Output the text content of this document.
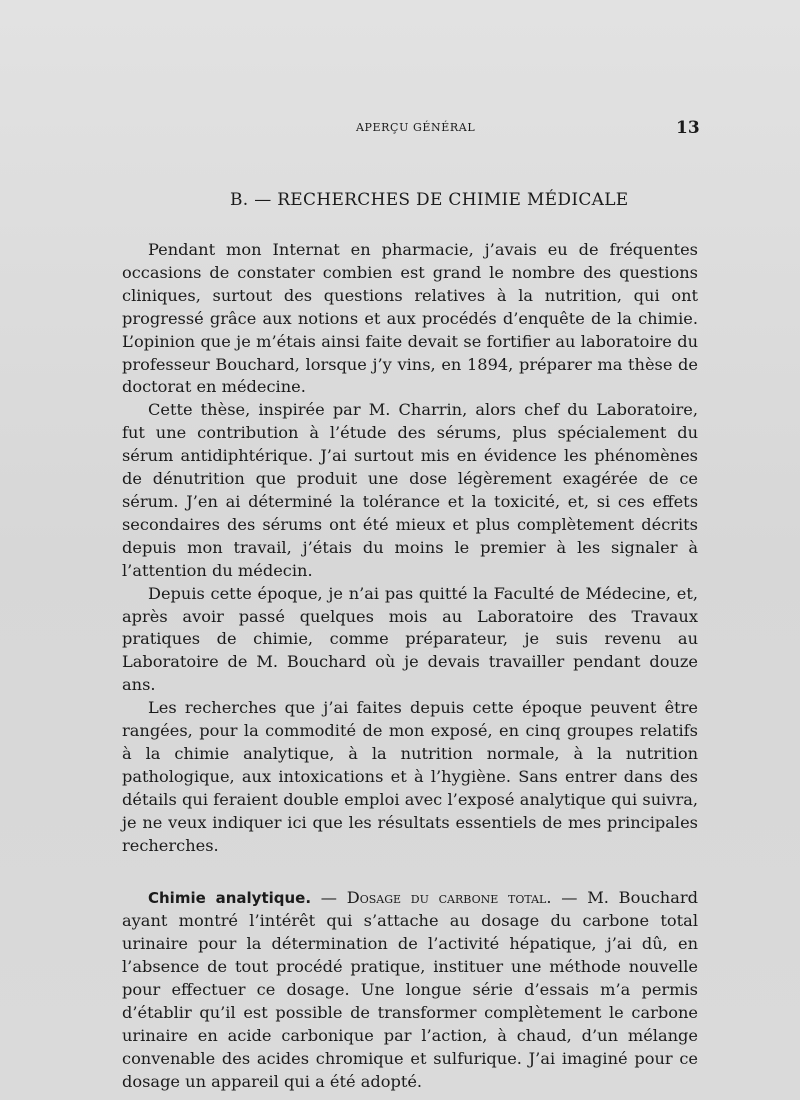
APERÇU GÉNÉRAL	13
B. — RECHERCHES DE CHIMIE MÉDICALE

Pendant mon Internat en pharmacie, j’avais eu de fréquentes occasions de constater combien est grand le nombre des questions cliniques, surtout des questions relatives à la nutrition, qui ont progressé grâce aux notions et aux procédés d’enquête de la chimie. L’opinion que je m’étais ainsi faite devait se fortifier au laboratoire du professeur Bouchard, lorsque j’y vins, en 1894, préparer ma thèse de doctorat en médecine.

Cette thèse, inspirée par M. Charrin, alors chef du Laboratoire, fut une contribution à l’étude des sérums, plus spécialement du sérum antidiphtérique. J’ai surtout mis en évidence les phénomènes de dénutrition que produit une dose légèrement exagérée de ce sérum. J’en ai déterminé la tolérance et la toxicité, et, si ces effets secondaires des sérums ont été mieux et plus complètement décrits depuis mon travail, j’étais du moins le premier à les signaler à l’attention du médecin.

Depuis cette époque, je n’ai pas quitté la Faculté de Médecine, et, après avoir passé quelques mois au Laboratoire des Travaux pratiques de chimie, comme préparateur, je suis revenu au Laboratoire de M. Bouchard où je devais travailler pendant douze ans.

Les recherches que j’ai faites depuis cette époque peuvent être rangées, pour la commodité de mon exposé, en cinq groupes relatifs à la chimie analytique, à la nutrition normale, à la nutrition pathologique, aux intoxications et à l’hygiène. Sans entrer dans des détails qui feraient double emploi avec l’exposé analytique qui suivra, je ne veux indiquer ici que les résultats essentiels de mes principales recherches.

Chimie analytique. — Dosage du carbone total. — M. Bouchard ayant montré l’intérêt qui s’attache au dosage du carbone total urinaire pour la détermination de l’activité hépatique, j’ai dû, en l’absence de tout procédé pratique, instituer une méthode nouvelle pour effectuer ce dosage. Une longue série d’essais m’a permis d’établir qu’il est possible de transformer complètement le carbone urinaire en acide carbonique par l’action, à chaud, d’un mélange convenable des acides chromique et sulfurique. J’ai imaginé pour ce dosage un appareil qui a été adopté.
